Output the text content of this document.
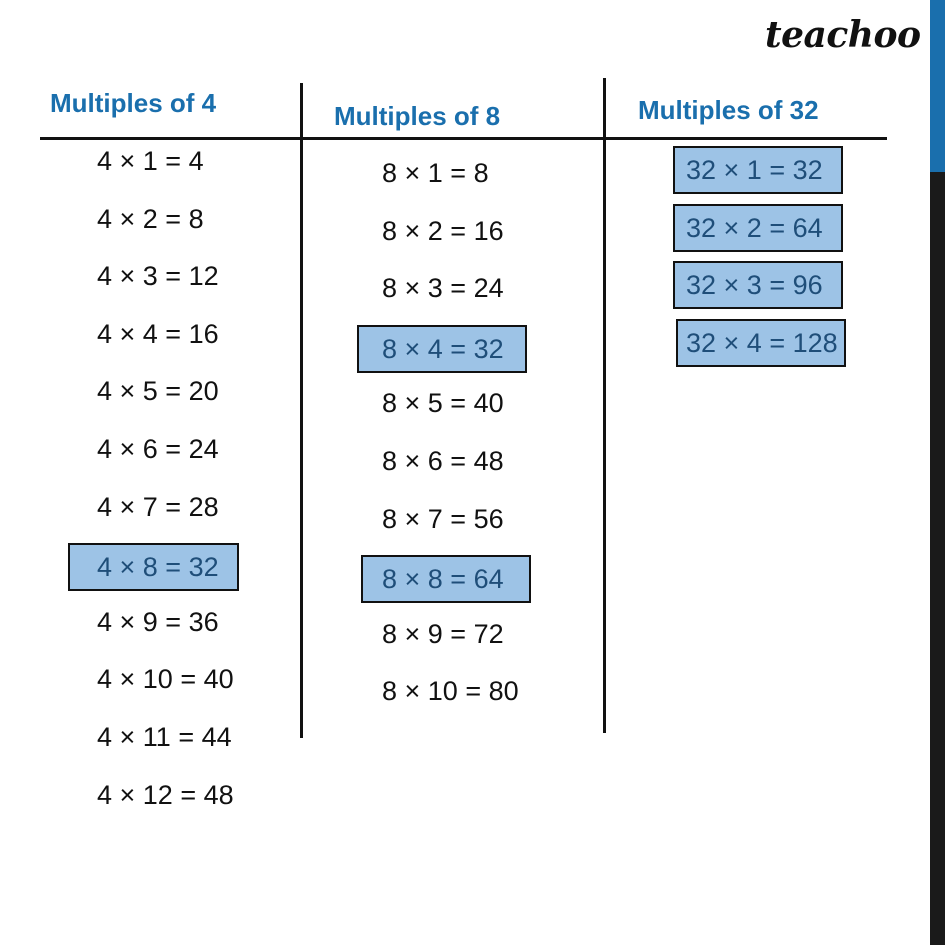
teachoo
Multiples of 4	Multiples of 8	Multiples of 32
4 × 1 = 4
4 × 2 = 8
4 × 3 = 12
4 × 4 = 16
4 × 5 = 20
4 × 6 = 24
4 × 7 = 28
4 × 8 = 32
4 × 9 = 36
4 × 10 = 40
4 × 11 = 44
4 × 12 = 48
8 × 1 = 8
8 × 2 = 16
8 × 3 = 24
8 × 4 = 32
8 × 5 = 40
8 × 6 = 48
8 × 7 = 56
8 × 8 = 64
8 × 9 = 72
8 × 10 = 80
32 × 1 = 32
32 × 2 = 64
32 × 3 = 96
32 × 4 = 128
